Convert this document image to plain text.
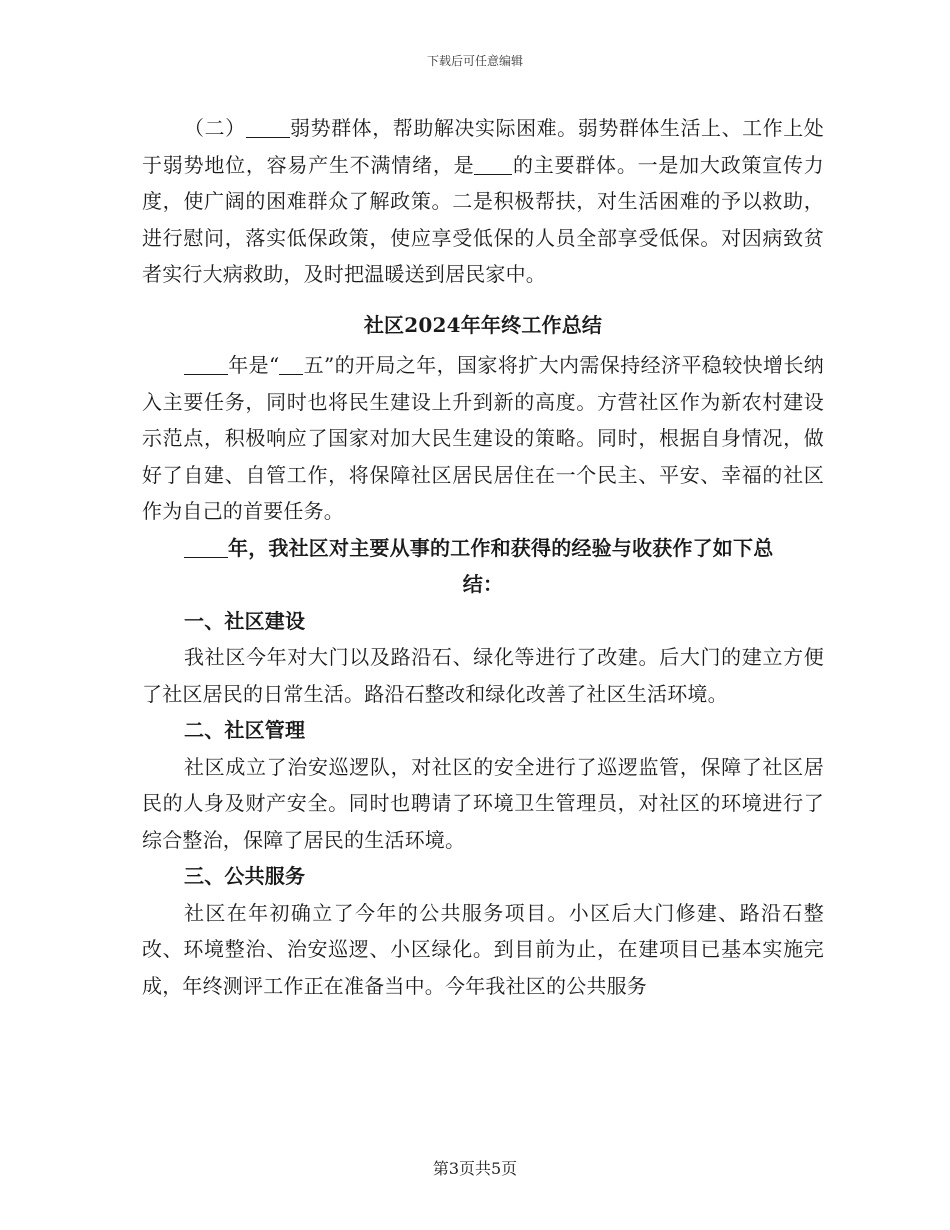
下载后可任意编辑

（二） 弱势群体，帮助解决实际困难。弱势群体生活上、工作上处于弱势地位，容易产生不满情绪，是 的主要群体。一是加大政策宣传力度，使广阔的困难群众了解政策。二是积极帮扶，对生活困难的予以救助，进行慰问，落实低保政策，使应享受低保的人员全部享受低保。对因病致贫者实行大病救助，及时把温暖送到居民家中。

社区2024年年终工作总结

年是“ 五”的开局之年，国家将扩大内需保持经济平稳较快增长纳入主要任务，同时也将民生建设上升到新的高度。方营社区作为新农村建设示范点，积极响应了国家对加大民生建设的策略。同时，根据自身情况，做好了自建、自管工作，将保障社区居民居住在一个民主、平安、幸福的社区作为自己的首要任务。

年，我社区对主要从事的工作和获得的经验与收获作了如下总

结：

一、社区建设

我社区今年对大门以及路沿石、绿化等进行了改建。后大门的建立方便了社区居民的日常生活。路沿石整改和绿化改善了社区生活环境。

二、社区管理

社区成立了治安巡逻队，对社区的安全进行了巡逻监管，保障了社区居民的人身及财产安全。同时也聘请了环境卫生管理员，对社区的环境进行了综合整治，保障了居民的生活环境。

三、公共服务

社区在年初确立了今年的公共服务项目。小区后大门修建、路沿石整改、环境整治、治安巡逻、小区绿化。到目前为止，在建项目已基本实施完成，年终测评工作正在准备当中。今年我社区的公共服务

第3页共5页
